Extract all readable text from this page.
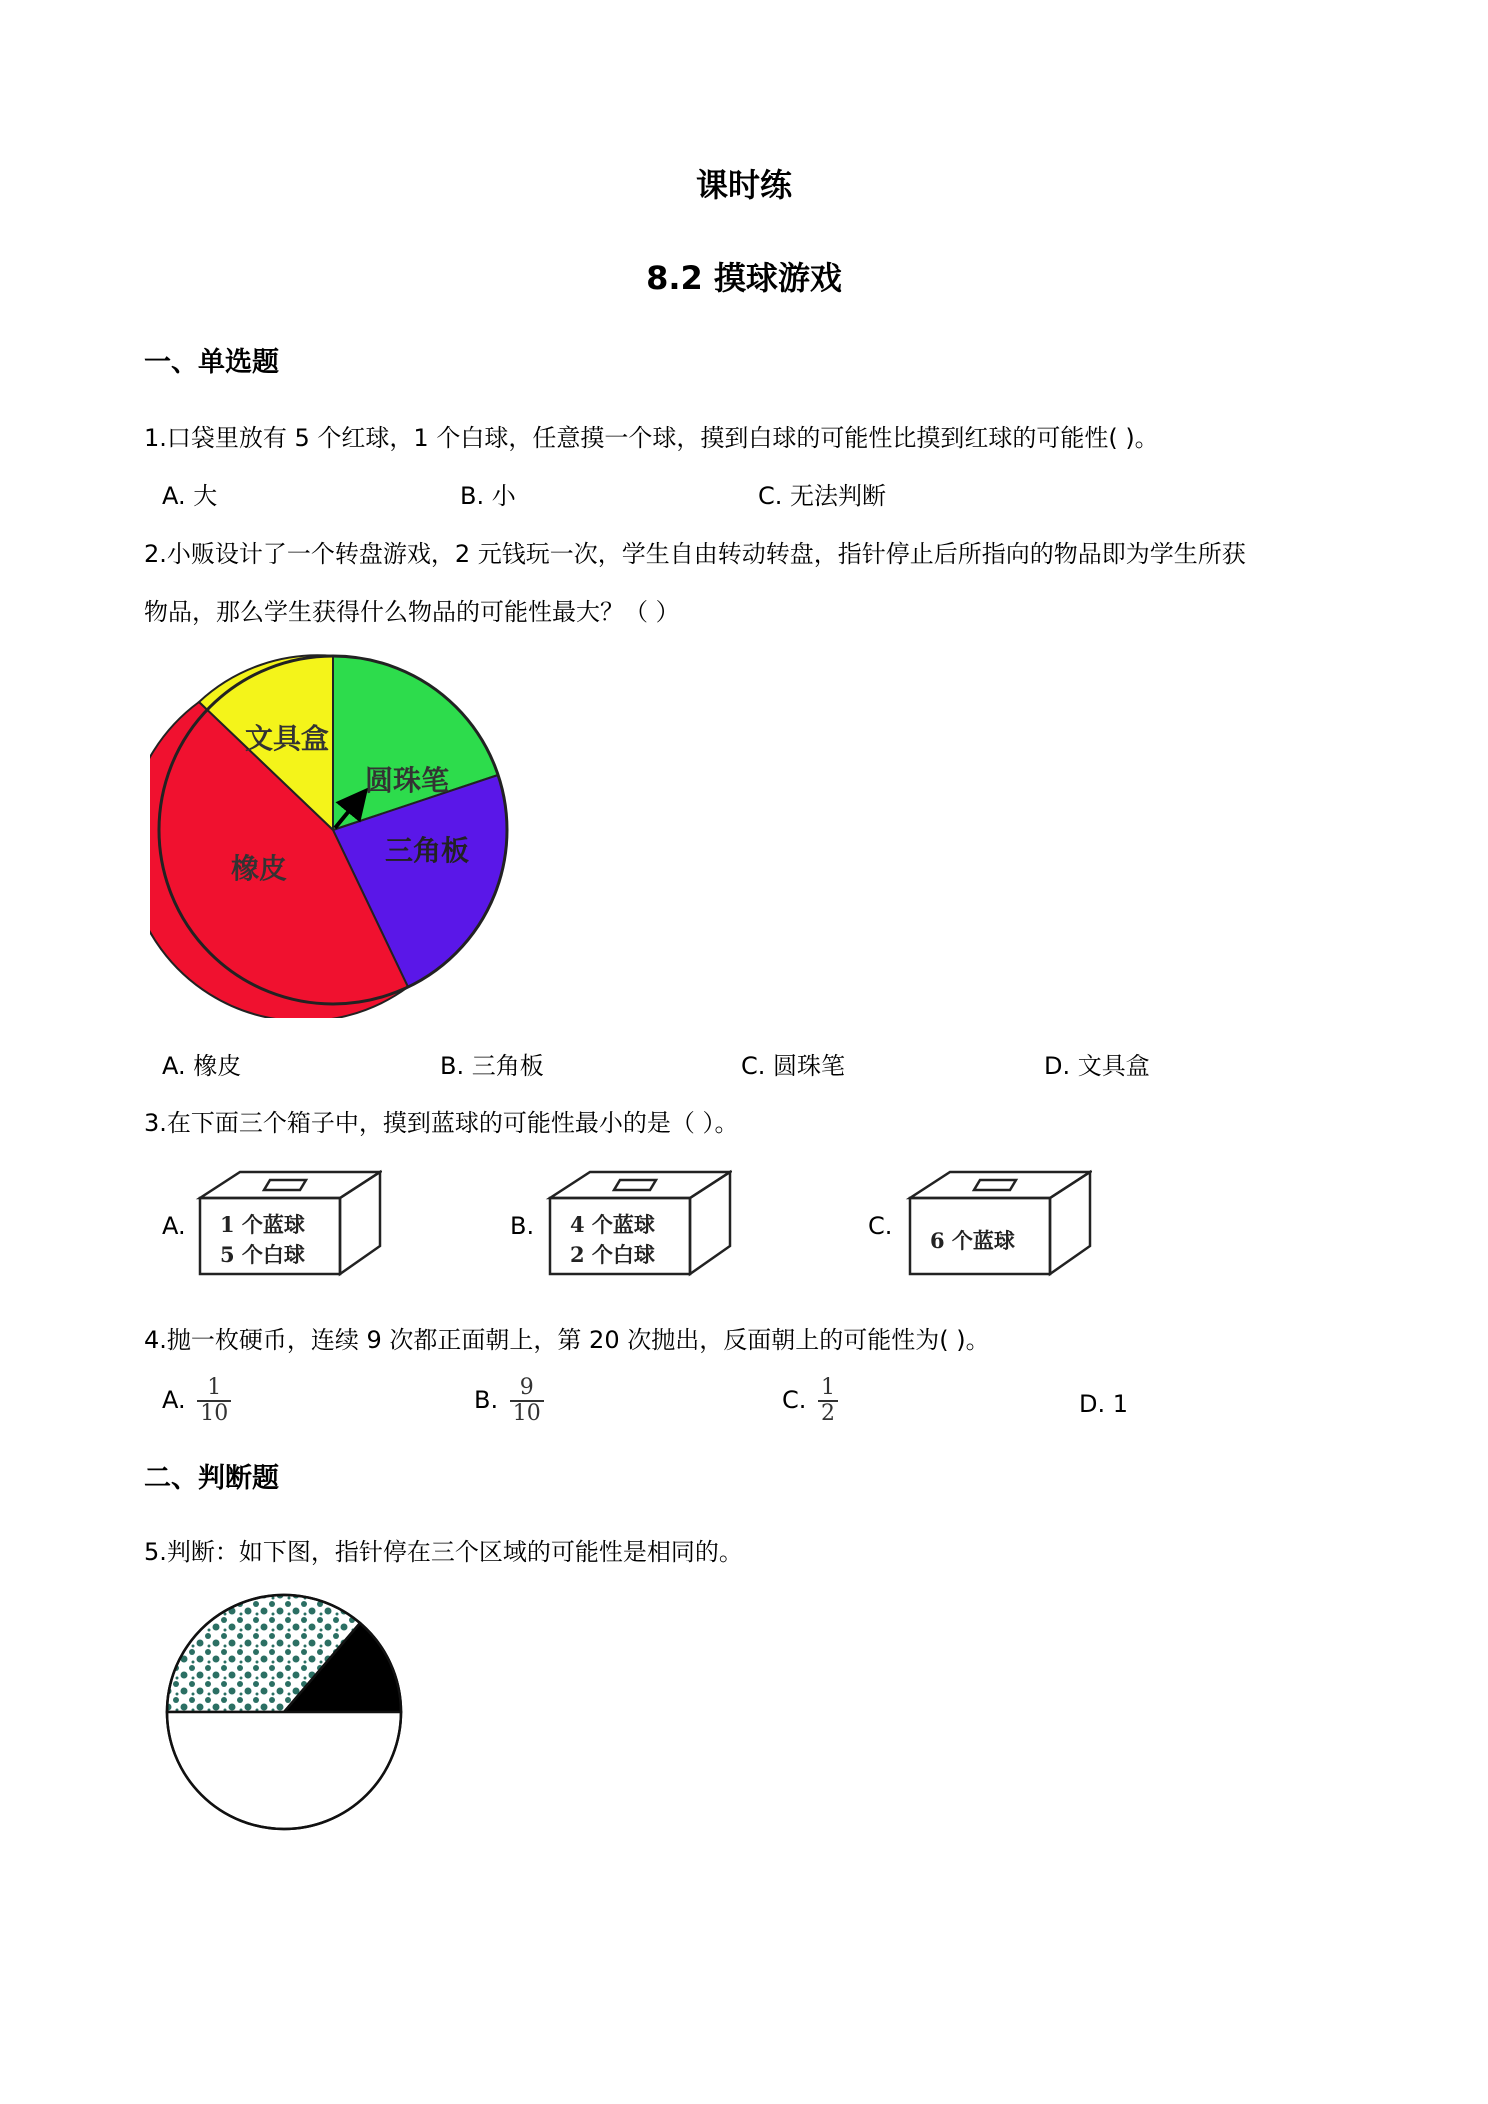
课时练
8.2 摸球游戏
一、单选题
1.口袋里放有 5 个红球，1 个白球，任意摸一个球，摸到白球的可能性比摸到红球的可能性( )。
A. 大	B. 小	C. 无法判断
2.小贩设计了一个转盘游戏，2 元钱玩一次，学生自由转动转盘，指针停止后所指向的物品即为学生所获
物品，那么学生获得什么物品的可能性最大？（ ）
文具盒
圆珠笔
三角板
橡皮
A. 橡皮	B. 三角板	C. 圆珠笔	D. 文具盒
3.在下面三个箱子中，摸到蓝球的可能性最小的是（ ）。
A. 1 个蓝球
5 个白球
B. 4 个蓝球
2 个白球
C.
6 个蓝球
4.抛一枚硬币，连续 9 次都正面朝上，第 20 次抛出，反面朝上的可能性为( )。
A. $\frac{1}{10}$	B. $\frac{9}{10}$	C. $\frac{1}{2}$	D. 1
二、判断题
5.判断：如下图，指针停在三个区域的可能性是相同的。
